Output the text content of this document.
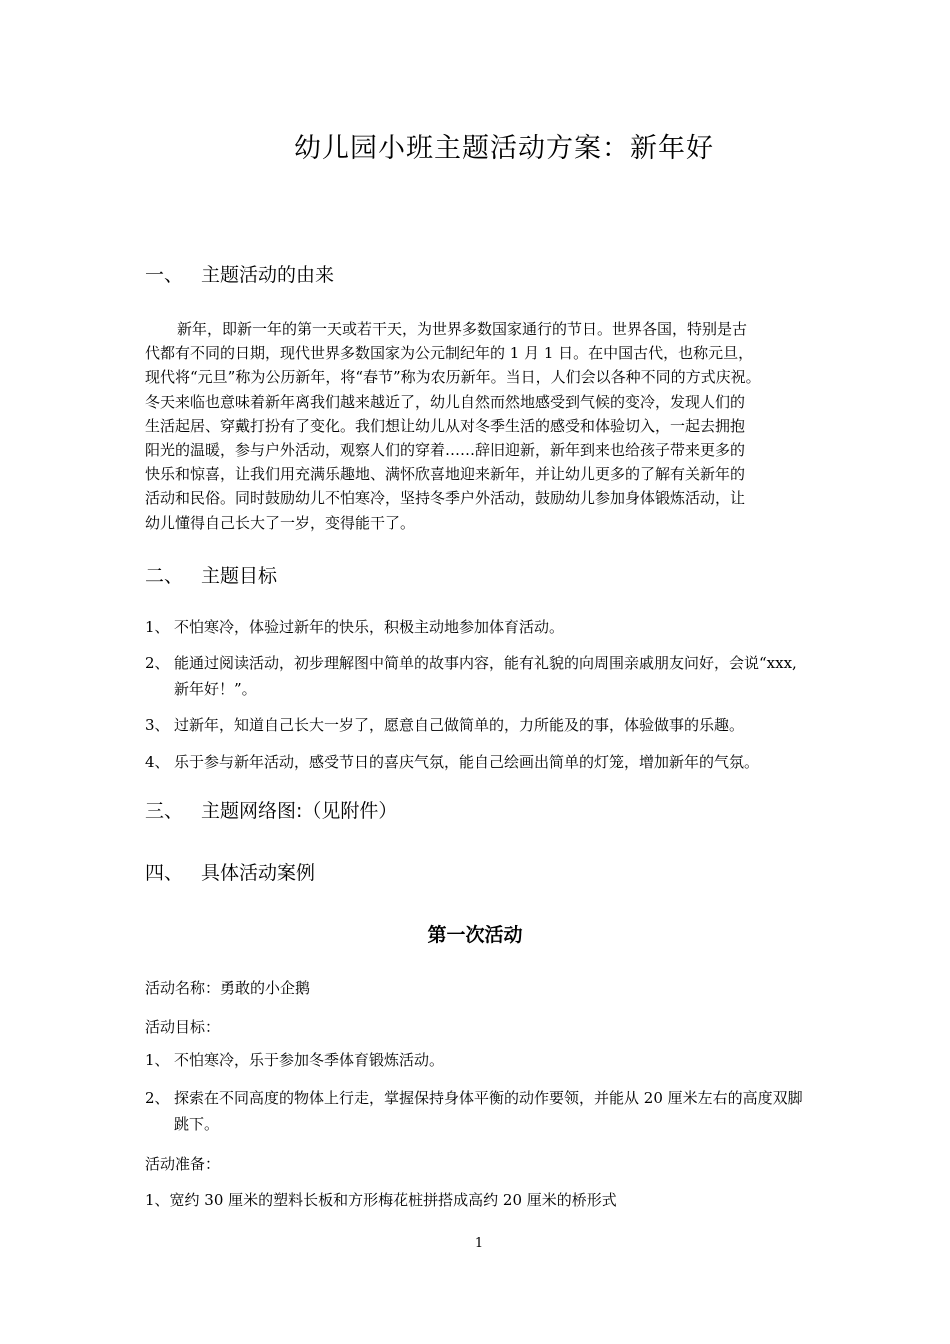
幼儿园小班主题活动方案：新年好
一、 主题活动的由来
新年，即新一年的第一天或若干天，为世界多数国家通行的节日。世界各国，特别是古
代都有不同的日期，现代世界多数国家为公元制纪年的 1 月 1 日。在中国古代，也称元旦，
现代将“元旦”称为公历新年，将“春节”称为农历新年。当日，人们会以各种不同的方式庆祝。
冬天来临也意味着新年离我们越来越近了，幼儿自然而然地感受到气候的变冷，发现人们的
生活起居、穿戴打扮有了变化。我们想让幼儿从对冬季生活的感受和体验切入，一起去拥抱
阳光的温暖，参与户外活动，观察人们的穿着……辞旧迎新，新年到来也给孩子带来更多的
快乐和惊喜，让我们用充满乐趣地、满怀欣喜地迎来新年，并让幼儿更多的了解有关新年的
活动和民俗。同时鼓励幼儿不怕寒冷，坚持冬季户外活动，鼓励幼儿参加身体锻炼活动，让
幼儿懂得自己长大了一岁，变得能干了。
二、 主题目标
1、 不怕寒冷，体验过新年的快乐，积极主动地参加体育活动。
2、 能通过阅读活动，初步理解图中简单的故事内容，能有礼貌的向周围亲戚朋友问好，会说“xxx,新年好！”。
3、 过新年，知道自己长大一岁了，愿意自己做简单的，力所能及的事，体验做事的乐趣。
4、 乐于参与新年活动，感受节日的喜庆气氛，能自己绘画出简单的灯笼，增加新年的气氛。
三、 主题网络图:（见附件）
四、 具体活动案例
第一次活动
活动名称：勇敢的小企鹅
活动目标：
1、 不怕寒冷，乐于参加冬季体育锻炼活动。
2、 探索在不同高度的物体上行走，掌握保持身体平衡的动作要领，并能从 20 厘米左右的高度双脚跳下。
活动准备：
1、宽约 30 厘米的塑料长板和方形梅花桩拼搭成高约 20 厘米的桥形式
1
